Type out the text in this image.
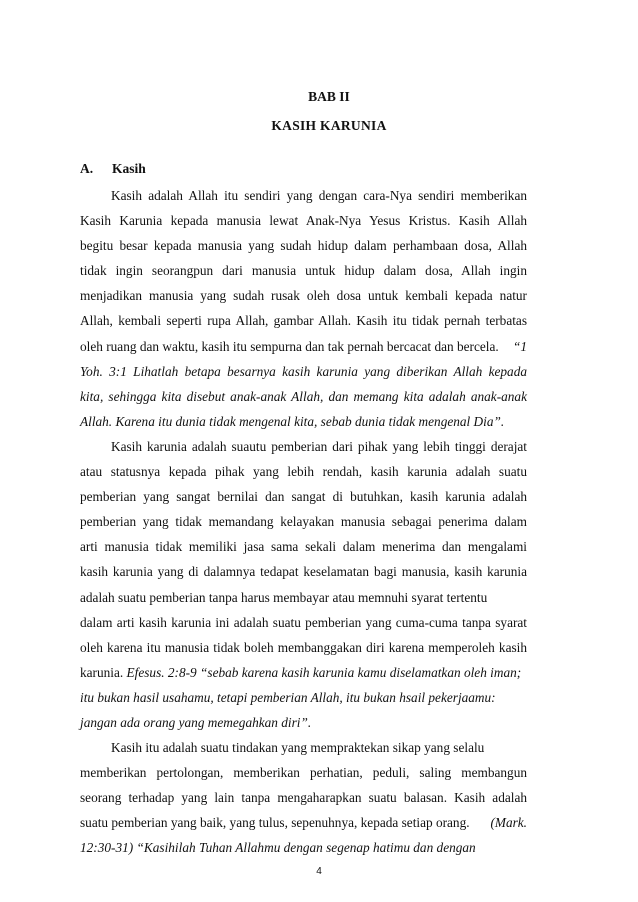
BAB II
KASIH KARUNIA
A. Kasih
Kasih adalah Allah itu sendiri yang dengan cara-Nya sendiri memberikan
Kasih Karunia kepada manusia lewat Anak-Nya Yesus Kristus. Kasih Allah
begitu besar kepada manusia yang sudah hidup dalam perhambaan dosa, Allah
tidak ingin seorangpun dari manusia untuk hidup dalam dosa, Allah ingin
menjadikan manusia yang sudah rusak oleh dosa untuk kembali kepada natur
Allah, kembali seperti rupa Allah, gambar Allah. Kasih itu tidak pernah terbatas
oleh ruang dan waktu, kasih itu sempurna dan tak pernah bercacat dan bercela. “1
Yoh. 3:1 Lihatlah betapa besarnya kasih karunia yang diberikan Allah kepada
kita, sehingga kita disebut anak-anak Allah, dan memang kita adalah anak-anak
Allah. Karena itu dunia tidak mengenal kita, sebab dunia tidak mengenal Dia”.
Kasih karunia adalah suautu pemberian dari pihak yang lebih tinggi derajat
atau statusnya kepada pihak yang lebih rendah, kasih karunia adalah suatu
pemberian yang sangat bernilai dan sangat di butuhkan, kasih karunia adalah
pemberian yang tidak memandang kelayakan manusia sebagai penerima dalam
arti manusia tidak memiliki jasa sama sekali dalam menerima dan mengalami
kasih karunia yang di dalamnya tedapat keselamatan bagi manusia, kasih karunia
adalah suatu pemberian tanpa harus membayar atau memnuhi syarat tertentu
dalam arti kasih karunia ini adalah suatu pemberian yang cuma-cuma tanpa syarat
oleh karena itu manusia tidak boleh membanggakan diri karena memperoleh kasih
karunia. Efesus. 2:8-9 “sebab karena kasih karunia kamu diselamatkan oleh iman;
itu bukan hasil usahamu, tetapi pemberian Allah, itu bukan hsail pekerjaamu:
jangan ada orang yang memegahkan diri”.
Kasih itu adalah suatu tindakan yang mempraktekan sikap yang selalu
memberikan pertolongan, memberikan perhatian, peduli, saling membangun
seorang terhadap yang lain tanpa mengaharapkan suatu balasan. Kasih adalah
suatu pemberian yang baik, yang tulus, sepenuhnya, kepada setiap orang. (Mark.
12:30-31) “Kasihilah Tuhan Allahmu dengan segenap hatimu dan dengan
4
